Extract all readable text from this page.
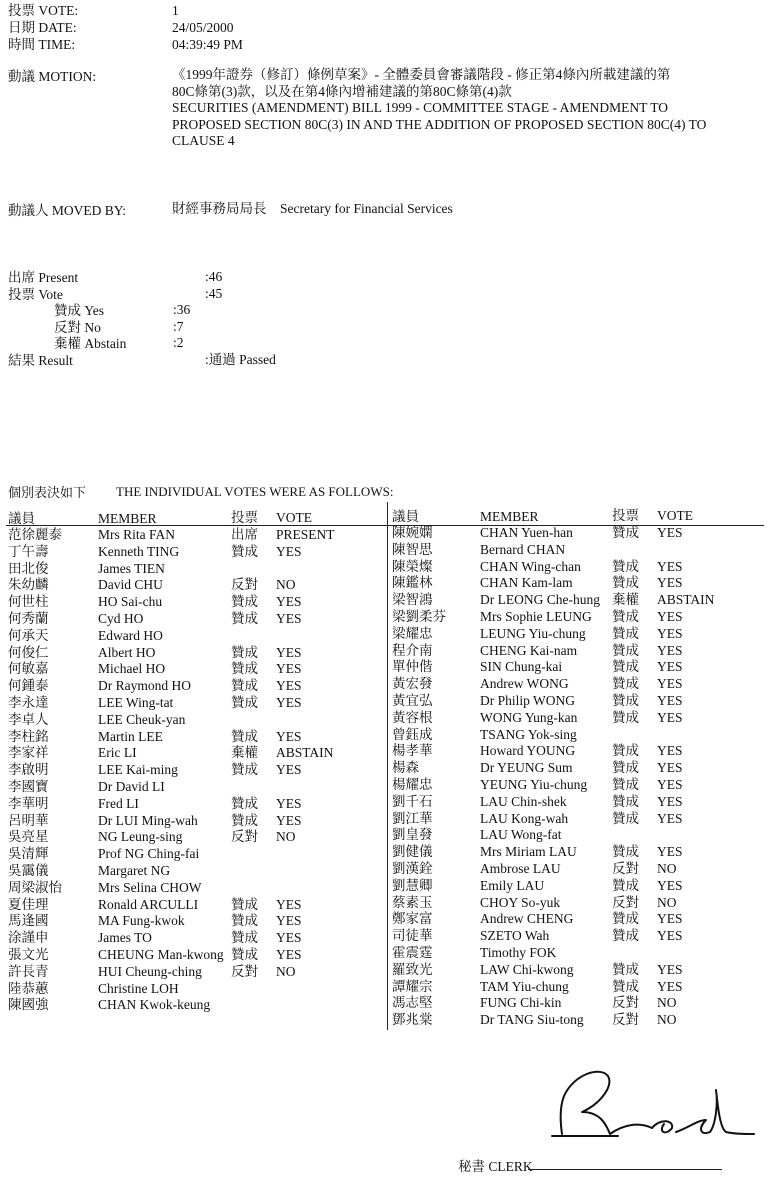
投票 VOTE:	1
日期 DATE:	24/05/2000
時間 TIME:	04:39:49 PM
動議 MOTION:	《1999年證券（修訂）條例草案》- 全體委員會審議階段 - 修正第4條內所載建議的第
80C條第(3)款，以及在第4條內增補建議的第80C條第(4)款
SECURITIES (AMENDMENT) BILL 1999 - COMMITTEE STAGE - AMENDMENT TO
PROPOSED SECTION 80C(3) IN AND THE ADDITION OF PROPOSED SECTION 80C(4) TO
CLAUSE 4
動議人 MOVED BY:	財經事務局局長　Secretary for Financial Services
出席 Present	:46
投票 Vote	:45
贊成 Yes	:36
反對 No	:7
棄權 Abstain	:2
結果 Result	:通過 Passed
個別表決如下 THE INDIVIDUAL VOTES WERE AS FOLLOWS:
議員	MEMBER	投票 VOTE	議員	MEMBER	投票 VOTE
范徐麗泰	Mrs Rita FAN	出席 PRESENT
丁午壽	Kenneth TING	贊成 YES
田北俊	James TIEN
朱幼麟	David CHU	反對 NO
何世柱	HO Sai-chu	贊成 YES
何秀蘭	Cyd HO	贊成 YES
何承天	Edward HO
何俊仁	Albert HO	贊成 YES
何敏嘉	Michael HO	贊成 YES
何鍾泰	Dr Raymond HO	贊成 YES
李永達	LEE Wing-tat	贊成 YES
李卓人	LEE Cheuk-yan
李柱銘	Martin LEE	贊成 YES
李家祥	Eric LI	棄權 ABSTAIN
李啟明	LEE Kai-ming	贊成 YES
李國寶	Dr David LI
李華明	Fred LI	贊成 YES
呂明華	Dr LUI Ming-wah 贊成 YES
吳亮星	NG Leung-sing	反對 NO
吳清輝	Prof NG Ching-fai
吳靄儀	Margaret NG
周梁淑怡	Mrs Selina CHOW
夏佳理	Ronald ARCULLI 贊成 YES
馬逢國	MA Fung-kwok	贊成 YES
涂謹申	James TO	贊成 YES
張文光	CHEUNG Man-kwong 贊成 YES
許長青	HUI Cheung-ching 反對 NO
陸恭蕙	Christine LOH
陳國強	CHAN Kwok-keung
陳婉嫻	CHAN Yuen-han	贊成 YES
陳智思	Bernard CHAN
陳榮燦	CHAN Wing-chan 贊成 YES
陳鑑林	CHAN Kam-lam	贊成 YES
梁智鴻	Dr LEONG Che-hung 棄權 ABSTAIN
梁劉柔芬	Mrs Sophie LEUNG 贊成 YES
梁耀忠	LEUNG Yiu-chung 贊成 YES
程介南	CHENG Kai-nam	贊成 YES
單仲偕	SIN Chung-kai	贊成 YES
黃宏發	Andrew WONG	贊成 YES
黃宜弘	Dr Philip WONG	贊成 YES
黃容根	WONG Yung-kan	贊成 YES
曾鈺成	TSANG Yok-sing
楊孝華	Howard YOUNG	贊成 YES
楊森	Dr YEUNG Sum	贊成 YES
楊耀忠	YEUNG Yiu-chung 贊成 YES
劉千石	LAU Chin-shek	贊成 YES
劉江華	LAU Kong-wah	贊成 YES
劉皇發	LAU Wong-fat
劉健儀	Mrs Miriam LAU	贊成 YES
劉漢銓	Ambrose LAU	反對 NO
劉慧卿	Emily LAU	贊成 YES
蔡素玉	CHOY So-yuk	反對 NO
鄭家富	Andrew CHENG	贊成 YES
司徒華	SZETO Wah	贊成 YES
霍震霆	Timothy FOK
羅致光	LAW Chi-kwong	贊成 YES
譚耀宗	TAM Yiu-chung	贊成 YES
馮志堅	FUNG Chi-kin	反對 NO
鄧兆棠	Dr TANG Siu-tong 反對 NO
秘書 CLERK
